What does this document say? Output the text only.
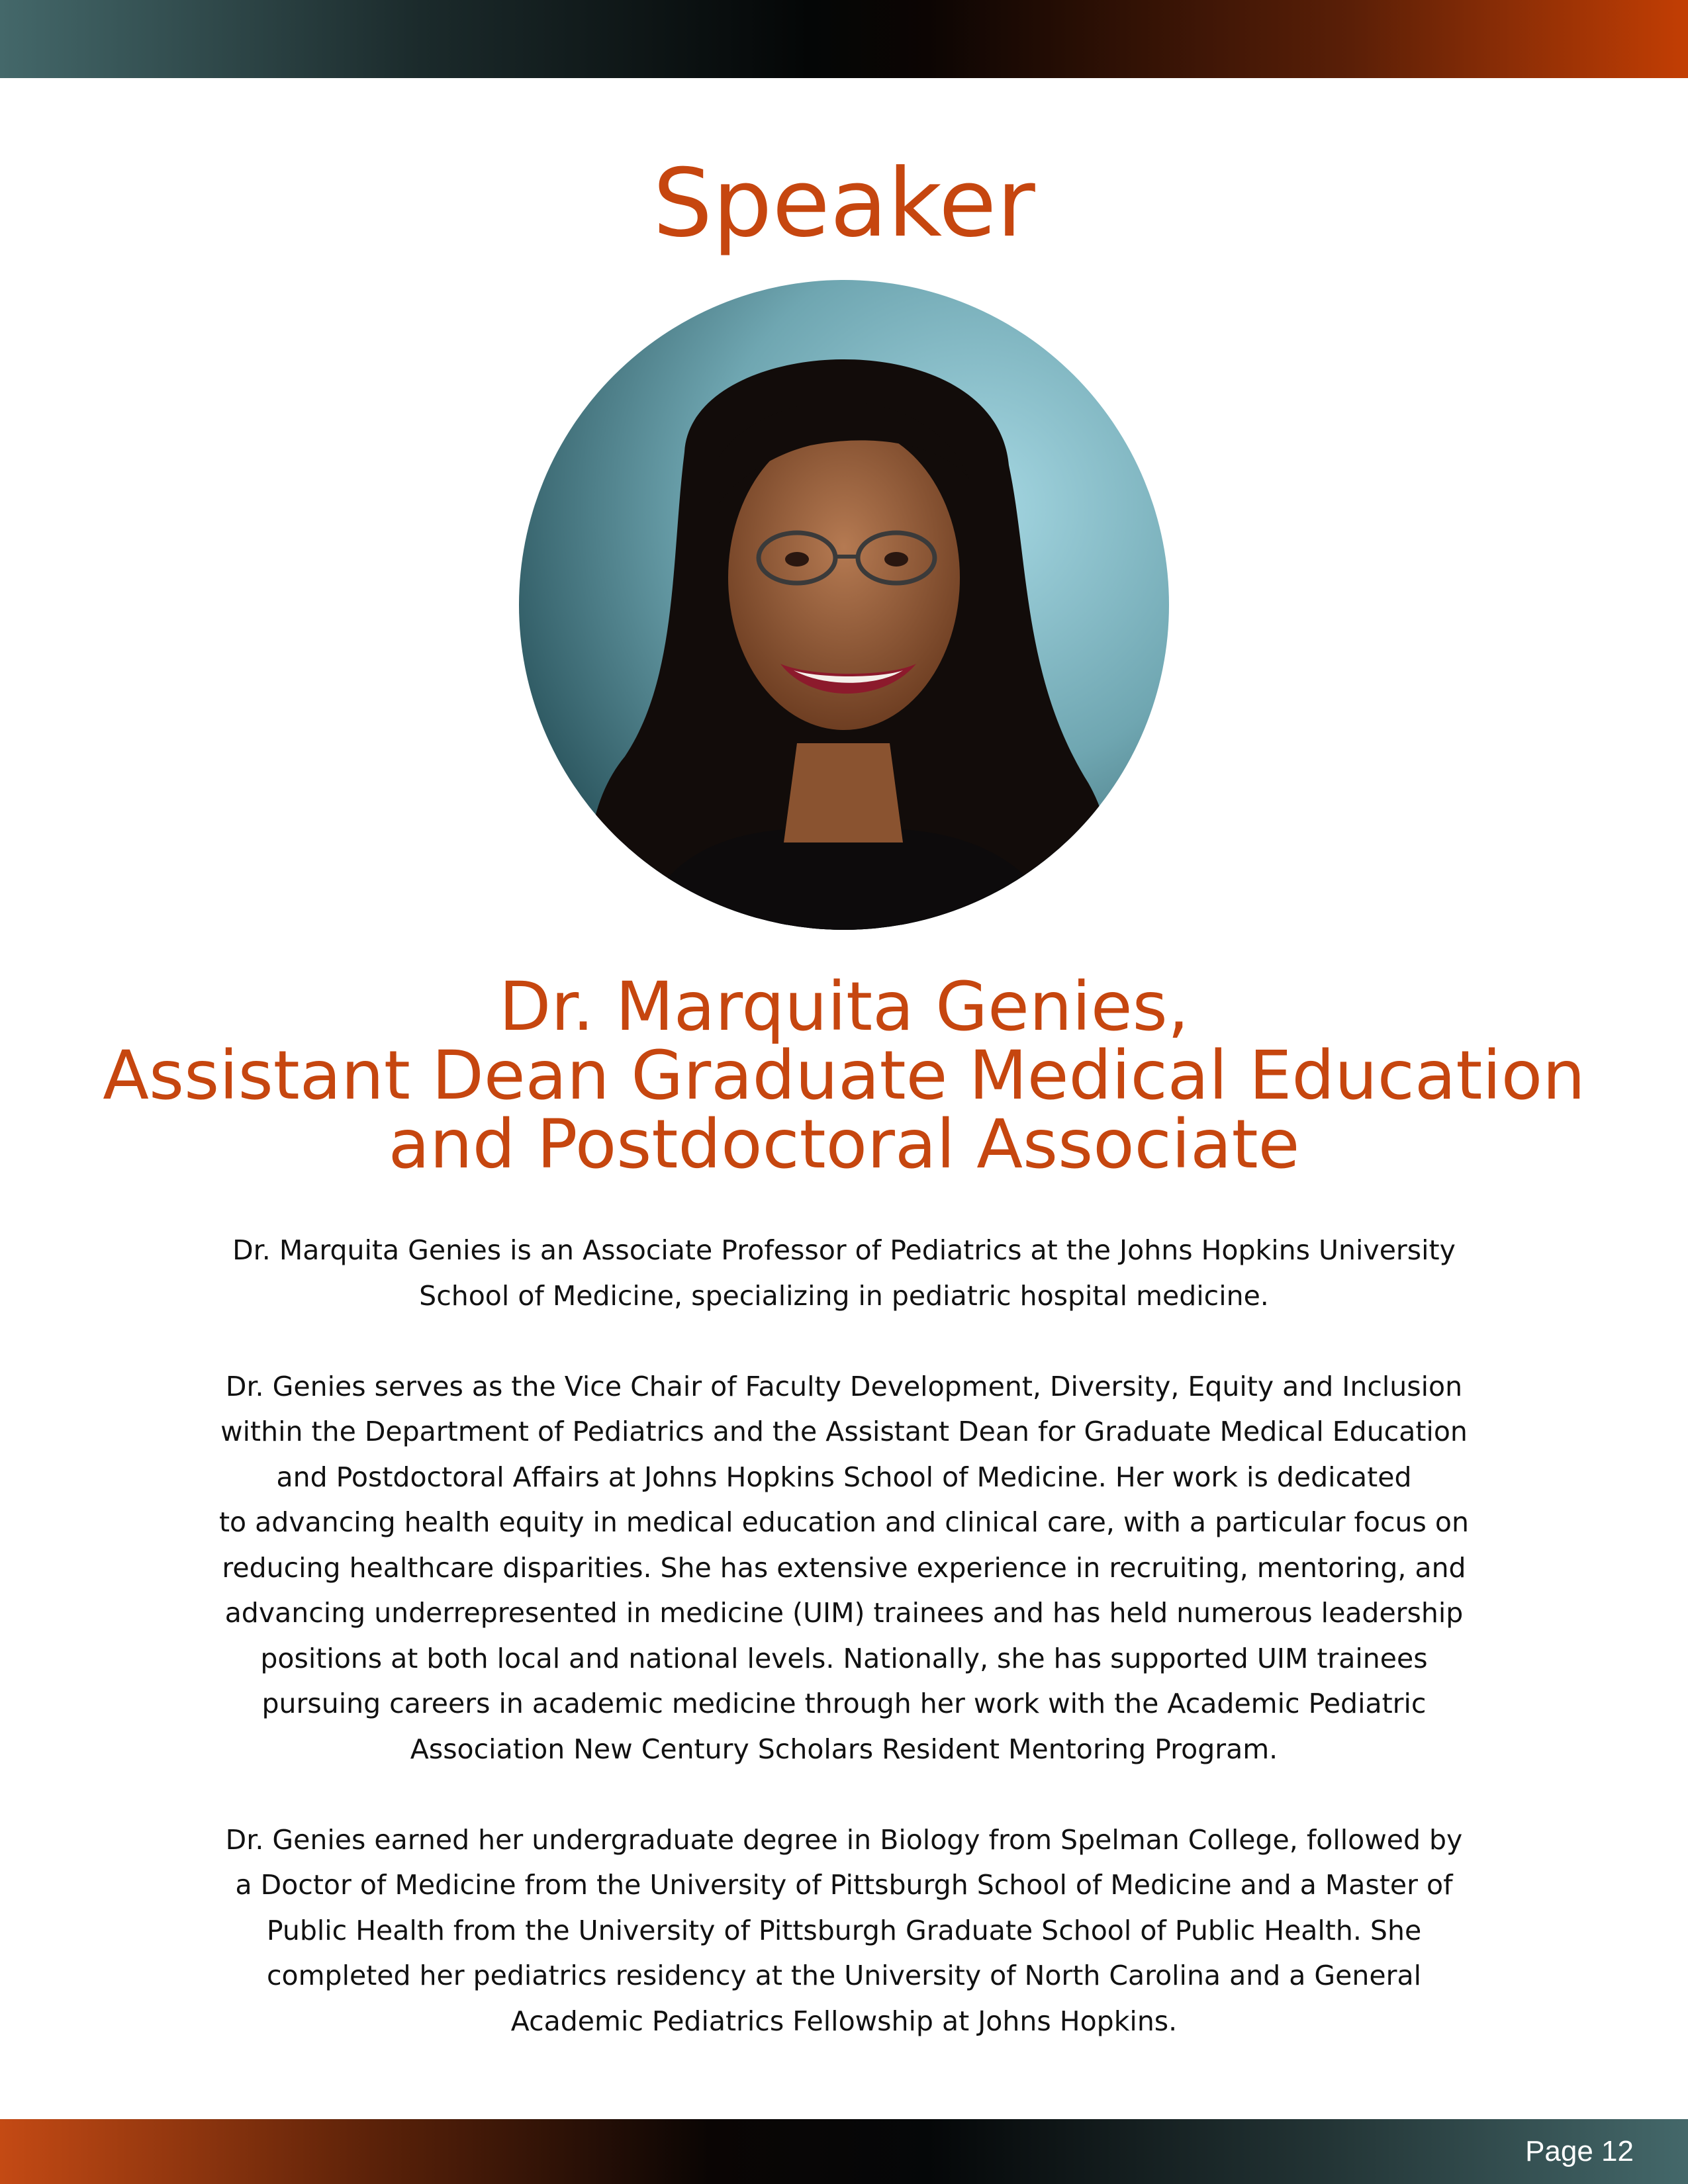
Speaker
Dr. Marquita Genies,
Assistant Dean Graduate Medical Education
and Postdoctoral Associate

Dr. Marquita Genies is an Associate Professor of Pediatrics at the Johns Hopkins University
School of Medicine, specializing in pediatric hospital medicine.

Dr. Genies serves as the Vice Chair of Faculty Development, Diversity, Equity and Inclusion
within the Department of Pediatrics and the Assistant Dean for Graduate Medical Education
and Postdoctoral Affairs at Johns Hopkins School of Medicine. Her work is dedicated
to advancing health equity in medical education and clinical care, with a particular focus on
reducing healthcare disparities. She has extensive experience in recruiting, mentoring, and
advancing underrepresented in medicine (UIM) trainees and has held numerous leadership
positions at both local and national levels. Nationally, she has supported UIM trainees
pursuing careers in academic medicine through her work with the Academic Pediatric
Association New Century Scholars Resident Mentoring Program.

Dr. Genies earned her undergraduate degree in Biology from Spelman College, followed by
a Doctor of Medicine from the University of Pittsburgh School of Medicine and a Master of
Public Health from the University of Pittsburgh Graduate School of Public Health. She
completed her pediatrics residency at the University of North Carolina and a General
Academic Pediatrics Fellowship at Johns Hopkins.

Page 12
